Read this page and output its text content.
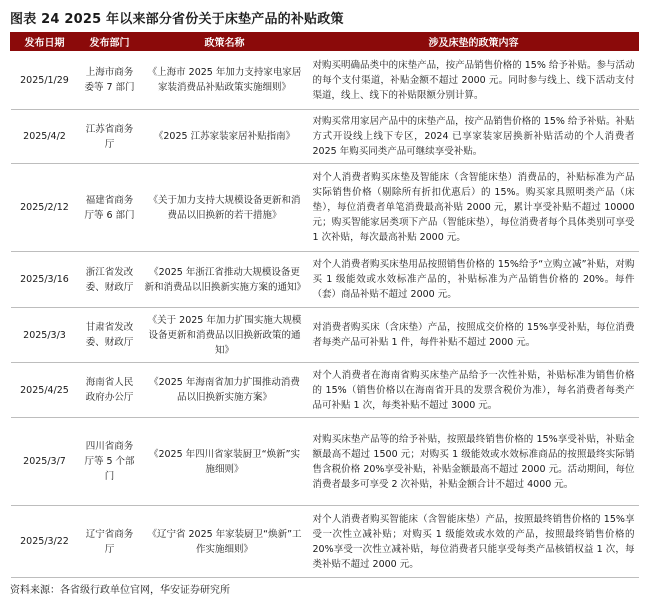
图表 24 2025 年以来部分省份关于床垫产品的补贴政策
发布日期	发布部门	政策名称	涉及床垫的政策内容
2025/1/29	上海市商务委等 7 部门	《上海市 2025 年加力支持家电家居家装消费品补贴政策实施细则》	对购买明确品类中的床垫产品，按产品销售价格的 15% 给予补贴。参与活动的每个支付渠道，补贴金额不超过 2000 元。同时参与线上、线下活动支付渠道，线上、线下的补贴限额分别计算。
2025/4/2	江苏省商务厅	《2025 江苏家装家居补贴指南》	对购买常用家居产品中的床垫产品，按产品销售价格的 15% 给予补贴。补贴方式开设线上线下专区，2024 已享家装家居换新补贴活动的个人消费者 2025 年购买同类产品可继续享受补贴。
2025/2/12	福建省商务厅等 6 部门	《关于加力支持大规模设备更新和消费品以旧换新的若干措施》	对个人消费者购买床垫及智能床（含智能床垫）消费品的，补贴标准为产品实际销售价格（剔除所有折扣优惠后）的 15%。购买家具照明类产品（床垫），每位消费者单笔消费最高补贴 2000 元，累计享受补贴不超过 10000 元；购买智能家居类项下产品（智能床垫），每位消费者每个具体类别可享受 1 次补贴，每次最高补贴 2000 元。
2025/3/16	浙江省发改委、财政厅	《2025 年浙江省推动大规模设备更新和消费品以旧换新实施方案的通知》	对个人消费者购买床垫用品按照销售价格的 15%给予“立购立减”补贴，对购买 1 级能效或水效标准产品的，补贴标准为产品销售价格的 20%。每件（套）商品补贴不超过 2000 元。
2025/3/3	甘肃省发改委、财政厅	《关于 2025 年加力扩围实施大规模设备更新和消费品以旧换新政策的通知》	对消费者购买床（含床垫）产品，按照成交价格的 15%享受补贴，每位消费者每类产品可补贴 1 件，每件补贴不超过 2000 元。
2025/4/25	海南省人民政府办公厅	《2025 年海南省加力扩围推动消费品以旧换新实施方案》	对个人消费者在海南省购买床垫产品给予一次性补贴，补贴标准为销售价格的 15%（销售价格以在海南省开具的发票含税价为准），每名消费者每类产品可补贴 1 次，每类补贴不超过 3000 元。
2025/3/7	四川省商务厅等 5 个部门	《2025 年四川省家装厨卫“焕新”实施细则》	对购买床垫产品等的给予补贴，按照最终销售价格的 15%享受补贴，补贴金额最高不超过 1500 元；对购买 1 级能效或水效标准商品的按照最终实际销售含税价格 20%享受补贴，补贴金额最高不超过 2000 元。活动期间，每位消费者最多可享受 2 次补贴，补贴金额合计不超过 4000 元。
2025/3/22	辽宁省商务厅	《辽宁省 2025 年家装厨卫“焕新”工作实施细则》	对个人消费者购买智能床（含智能床垫）产品，按照最终销售价格的 15%享受一次性立减补贴；对购买 1 级能效或水效的产品，按照最终销售价格的 20%享受一次性立减补贴，每位消费者只能享受每类产品核销权益 1 次，每类补贴不超过 2000 元。
资料来源：各省级行政单位官网，华安证券研究所
